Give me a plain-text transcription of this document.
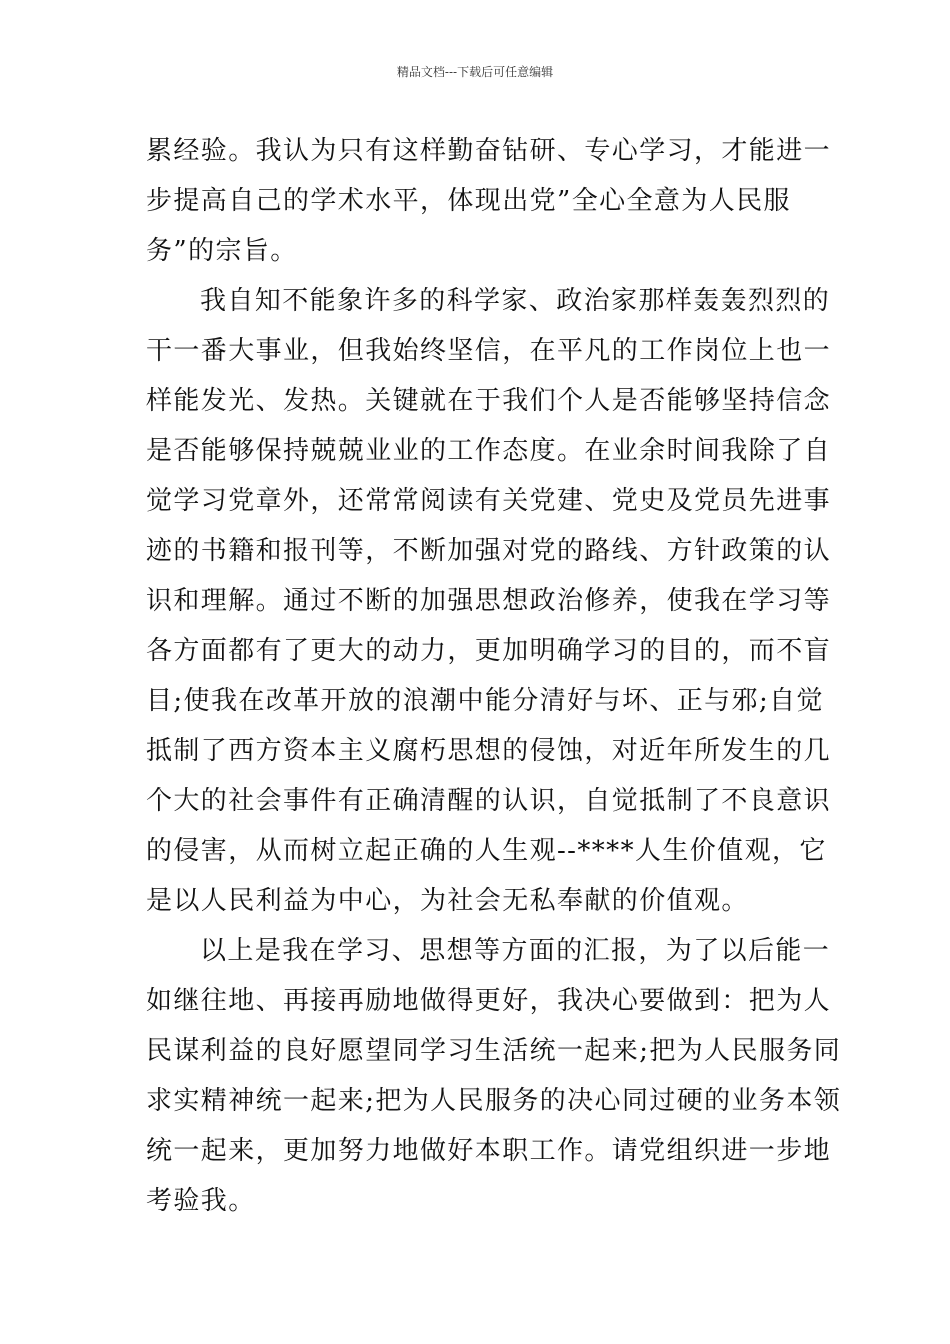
精品文档---下载后可任意编辑
累经验。我认为只有这样勤奋钻研、专心学习，才能进一
步提高自己的学术水平，体现出党”全心全意为人民服
务”的宗旨。
我自知不能象许多的科学家、政治家那样轰轰烈烈的
干一番大事业，但我始终坚信，在平凡的工作岗位上也一
样能发光、发热。关键就在于我们个人是否能够坚持信念
是否能够保持兢兢业业的工作态度。在业余时间我除了自
觉学习党章外，还常常阅读有关党建、党史及党员先进事
迹的书籍和报刊等，不断加强对党的路线、方针政策的认
识和理解。通过不断的加强思想政治修养，使我在学习等
各方面都有了更大的动力，更加明确学习的目的，而不盲
目;使我在改革开放的浪潮中能分清好与坏、正与邪;自觉
抵制了西方资本主义腐朽思想的侵蚀，对近年所发生的几
个大的社会事件有正确清醒的认识，自觉抵制了不良意识
的侵害，从而树立起正确的人生观--****人生价值观，它
是以人民利益为中心，为社会无私奉献的价值观。
以上是我在学习、思想等方面的汇报，为了以后能一
如继往地、再接再励地做得更好，我决心要做到：把为人
民谋利益的良好愿望同学习生活统一起来;把为人民服务同
求实精神统一起来;把为人民服务的决心同过硬的业务本领
统一起来，更加努力地做好本职工作。请党组织进一步地
考验我。
